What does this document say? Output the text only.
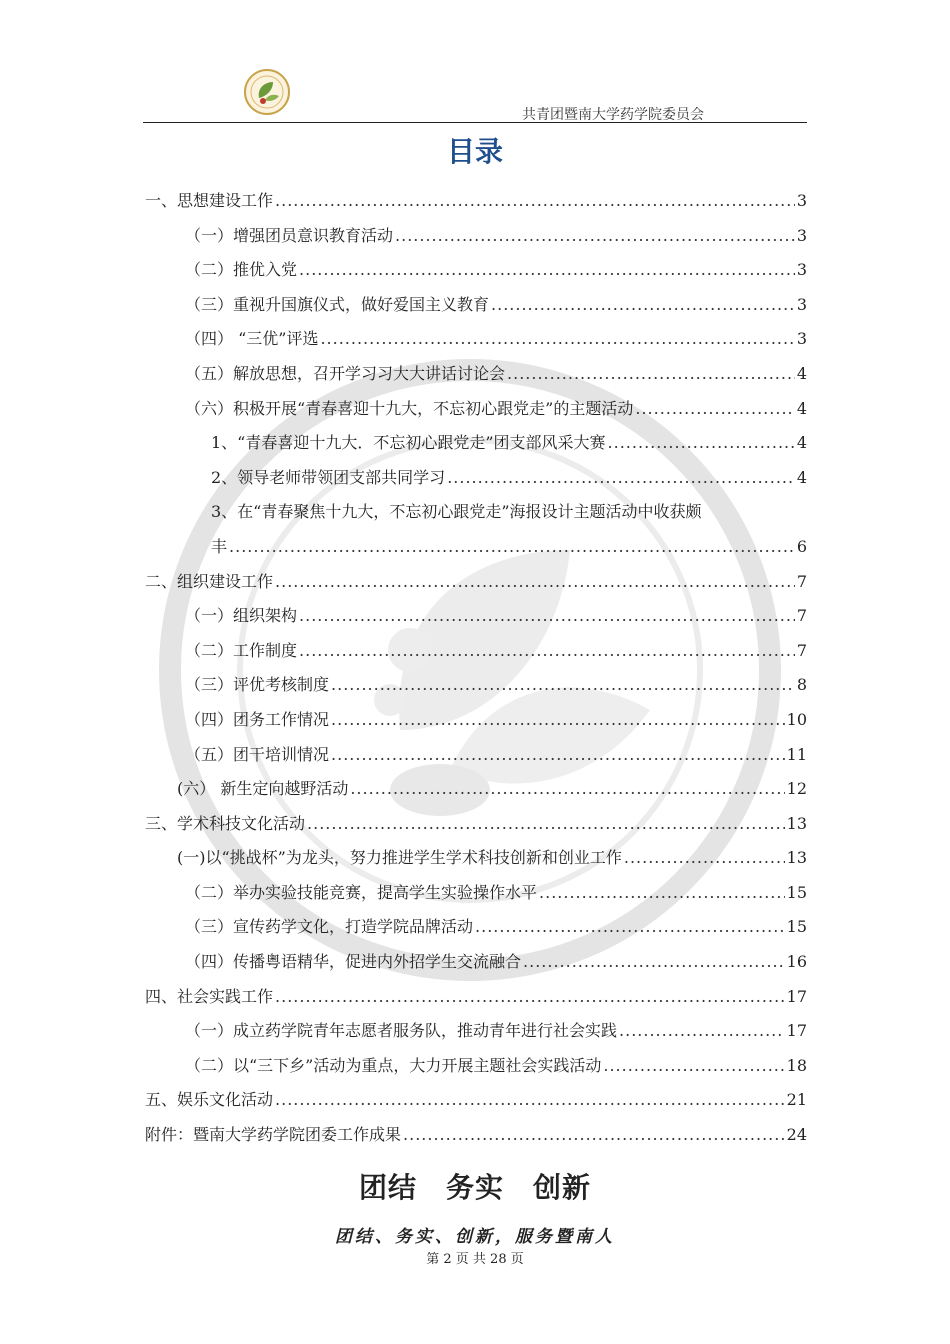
共青团暨南大学药学院委员会
目录
一、思想建设工作 .....	3
（一）增强团员意识教育活动 .....	3
（二）推优入党 .....	3
（三）重视升国旗仪式，做好爱国主义教育 .....	3
（四） “三优”评选 .....	3
（五）解放思想，召开学习习大大讲话讨论会 .....	4
（六）积极开展“青春喜迎十九大，不忘初心跟党走”的主题活动 .....	4
1、“青春喜迎十九大．不忘初心跟党走”团支部风采大赛 .....	4
2、领导老师带领团支部共同学习 .....	4
3、在“青春聚焦十九大，不忘初心跟党走”海报设计主题活动中收获颇
丰 .....	6
二、组织建设工作 .....	7
（一）组织架构 .....	7
（二）工作制度 .....	7
（三）评优考核制度 .....	8
（四）团务工作情况 .....	10
（五）团干培训情况 .....	11
(六） 新生定向越野活动 .....	12
三、学术科技文化活动 .....	13
(一)以“挑战杯”为龙头，努力推进学生学术科技创新和创业工作 .....	13
（二）举办实验技能竞赛，提高学生实验操作水平 .....	15
（三）宣传药学文化，打造学院品牌活动 .....	15
（四）传播粤语精华，促进内外招学生交流融合 .....	16
四、社会实践工作 .....	17
（一）成立药学院青年志愿者服务队，推动青年进行社会实践 .....	17
（二）以“三下乡”活动为重点，大力开展主题社会实践活动 .....	18
五、娱乐文化活动 .....	21
附件：暨南大学药学院团委工作成果 .....	24
团结　务实　创新
团结、务实、创新，服务暨南人
第 2 页 共 28 页
